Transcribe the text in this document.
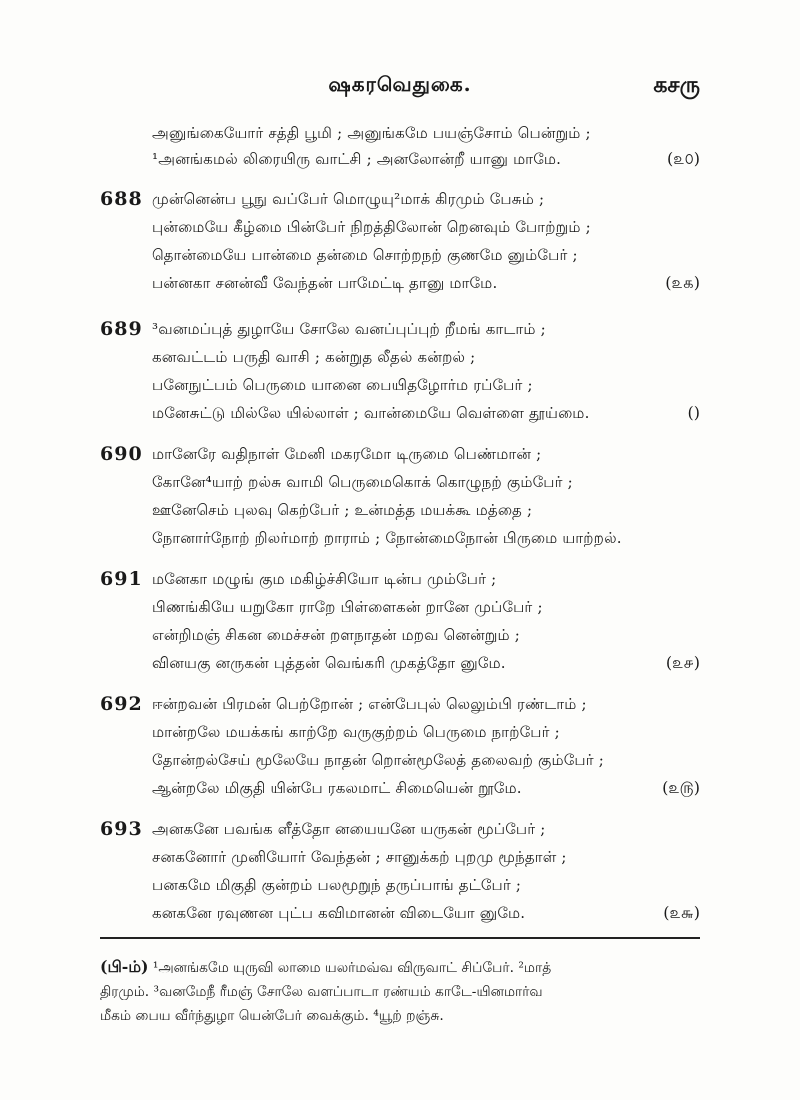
ஷகரவெதுகை.	கசரு
அனுங்கையோர் சத்தி பூமி ; அனுங்கமே பயஞ்சோம் பென்றும் ;
¹அனங்கமல் லிரையிரு வாட்சி ; அனலோன்றீ யானு மாமே.	(௨௦)
688 முன்னென்ப பூநு வப்பேர் மொழுயு²மாக் கிரமும் பேசும் ;
புன்மையே கீழ்மை பின்பேர் நிறத்திலோன் றெனவும் போற்றும் ;
தொன்மையே பான்மை தன்மை சொற்றநற் குணமே னும்பேர் ;
பன்னகா சனன்வீ வேந்தன் பாமேட்டி தானு மாமே.	(௨௧)
689 ³வனமப்புத் துழாயே சோலே வனப்புப்புற் றீமங் காடாம் ;
கனவட்டம் பருதி வாசி ; கன்றுத லீதல் கன்றல் ;
பனேநுட்பம் பெருமை யானை பையிதழோர்ம ரப்பேர் ;
மனேசுட்டு மில்லே யில்லாள் ; வான்மையே வெள்ளை தூய்மை.	()
690 மானேரே வதிநாள் மேனி மகரமோ டிருமை பெண்மான் ;
கோனே⁴யாற் றல்சு வாமி பெருமைகொக் கொழுநற் கும்பேர் ;
ஊனேசெம் புலவு கெற்பேர் ; உன்மத்த மயக்கூ மத்தை ;
நோனார்நோற் றிலர்மாற் றாராம் ; நோன்மைநோன் பிருமை யாற்றல்.
691 மனேகா மழுங் கும மகிழ்ச்சியோ டின்ப மும்பேர் ;
பிணங்கியே யறுகோ ராறே பிள்ளைகன் றானே முப்பேர் ;
என்றிமஞ் சிகன மைச்சன் றளநாதன் மறவ னென்றும் ;
வினயகு னருகன் புத்தன் வெங்கரி முகத்தோ னுமே.	(௨௪)
692 ஈன்றவன் பிரமன் பெற்றோன் ; என்பேபுல் லெலும்பி ரண்டாம் ;
மான்றலே மயக்கங் காற்றே வருகுற்றம் பெருமை நாற்பேர் ;
தோன்றல்சேய் மூலேயே நாதன் றொன்மூலேத் தலைவற் கும்பேர் ;
ஆன்றலே மிகுதி யின்பே ரகலமாட் சிமையென் றூமே.	(௨௫)
693 அனகனே பவங்க ளீத்தோ னயையனே யருகன் மூப்பேர் ;
சனகனோர் முனியோர் வேந்தன் ; சானுக்கற் புறமு மூந்தாள் ;
பனகமே மிகுதி குன்றம் பலமூறுந் தருப்பாங் தட்பேர் ;
கனகனே ரவுணன புட்ப கவிமானன் விடையோ னுமே.	(௨௬)
(பி-ம்) ¹அனங்கமே யுருவி லாமை யலர்மவ்வ விருவாட் சிப்பேர். ²மாத்
திரமும். ³வனமேநீ ரீமஞ் சோலே வளப்பாடா ரண்யம் காடே-யினமார்வ
மீகம் பைய வீர்ந்துழா யென்பேர் வைக்கும். ⁴யூற் றஞ்சு.
